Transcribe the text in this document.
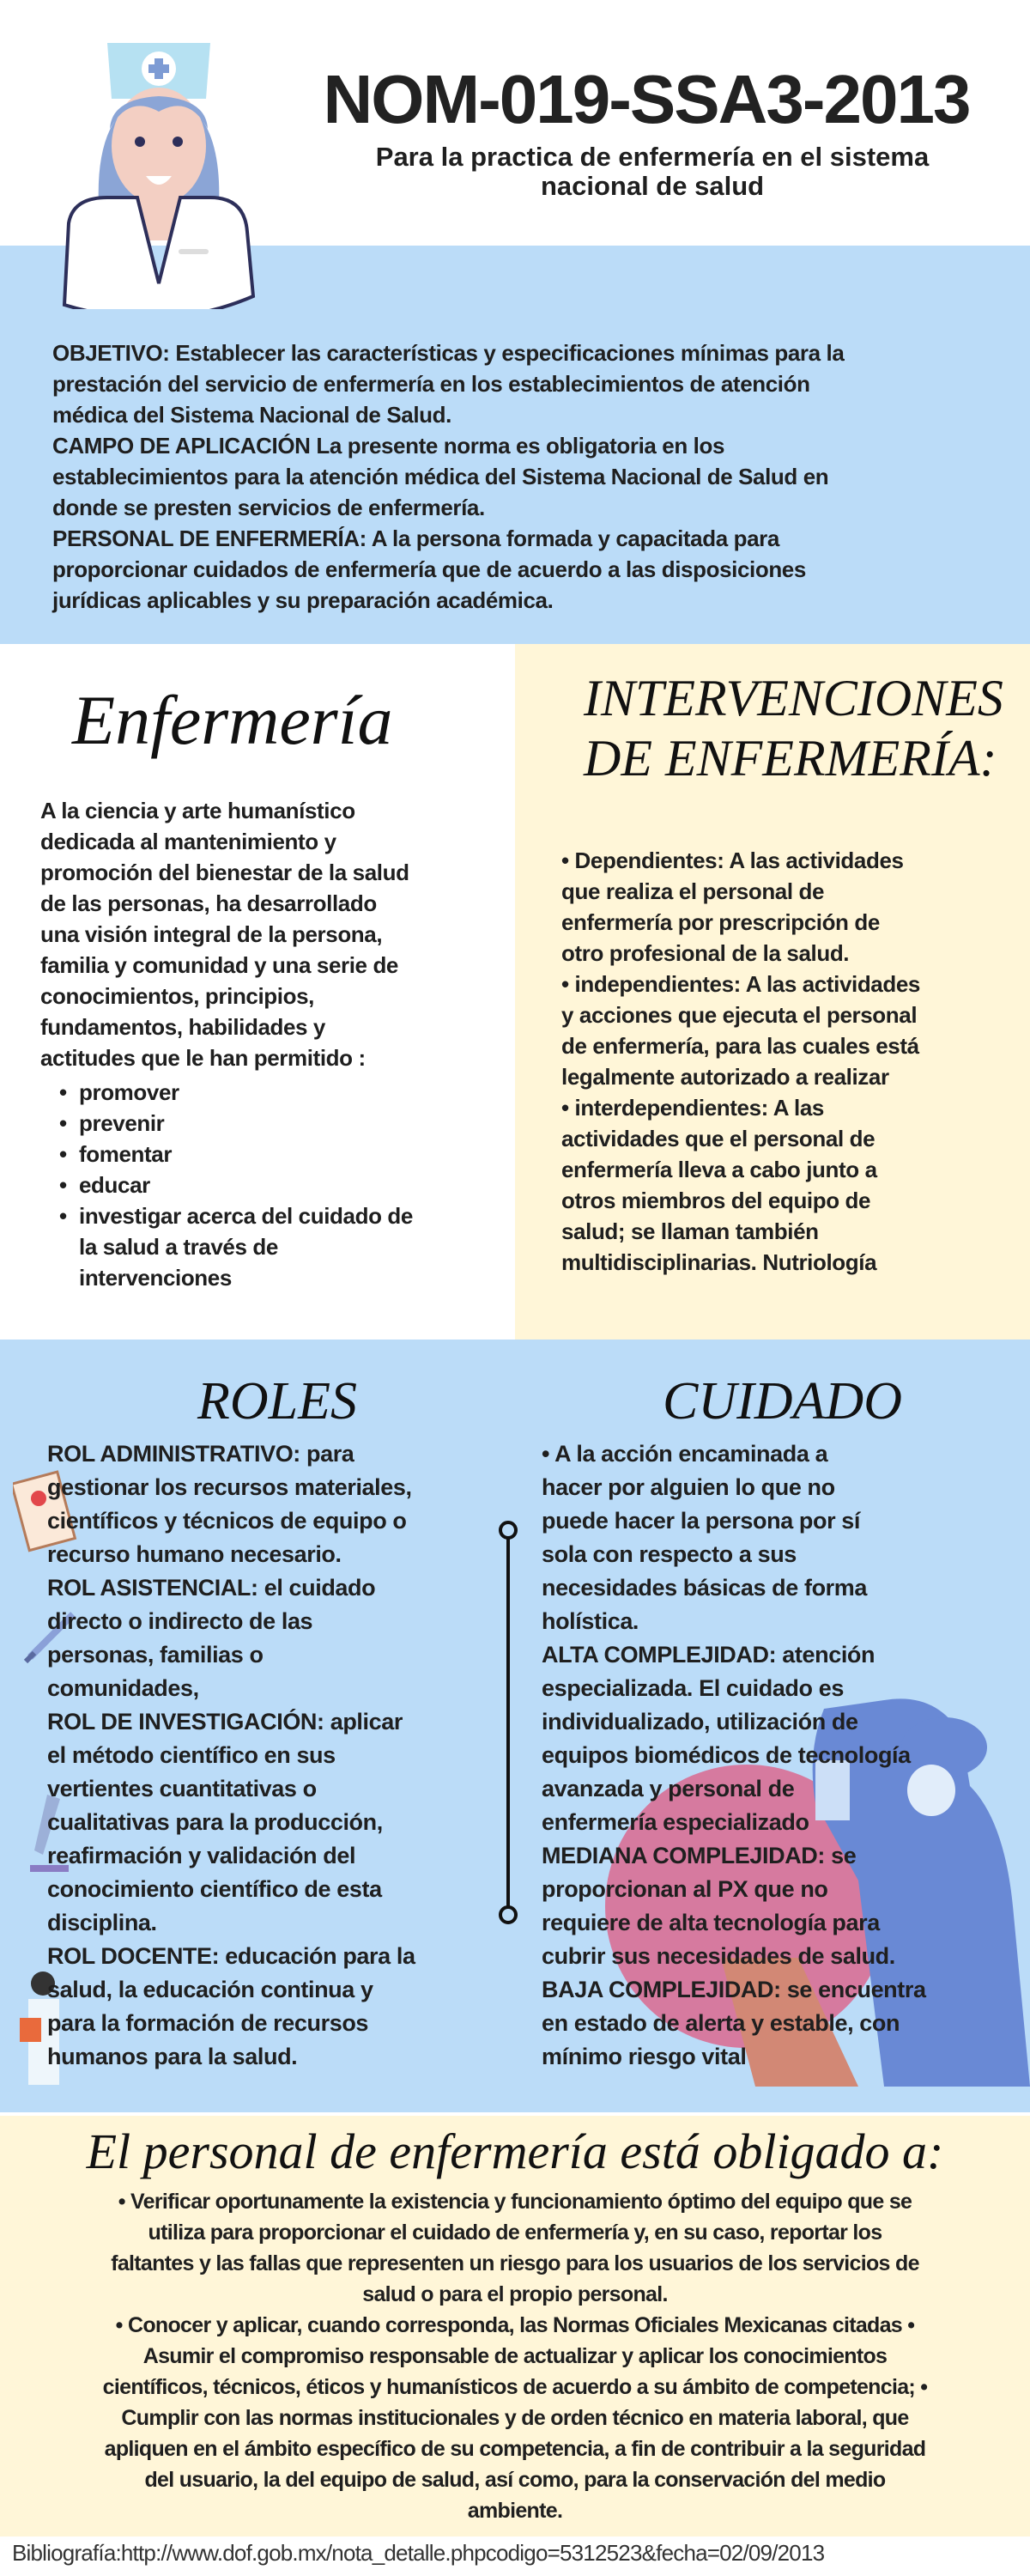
NOM-019-SSA3-2013
Para la practica de enfermería en el sistema
nacional de salud
OBJETIVO: Establecer las características y especificaciones mínimas para la
prestación del servicio de enfermería en los establecimientos de atención
médica del Sistema Nacional de Salud.
CAMPO DE APLICACIÓN La presente norma es obligatoria en los
establecimientos para la atención médica del Sistema Nacional de Salud en
donde se presten servicios de enfermería.
PERSONAL DE ENFERMERÍA: A la persona formada y capacitada para
proporcionar cuidados de enfermería que de acuerdo a las disposiciones
jurídicas aplicables y su preparación académica.
Enfermería
A la ciencia y arte humanístico
dedicada al mantenimiento y
promoción del bienestar de la salud
de las personas, ha desarrollado
una visión integral de la persona,
familia y comunidad y una serie de
conocimientos, principios,
fundamentos, habilidades y
actitudes que le han permitido :
• promover
• prevenir
• fomentar
• educar
• investigar acerca del cuidado de
la salud a través de
intervenciones
INTERVENCIONES
DE ENFERMERÍA:
• Dependientes: A las actividades
que realiza el personal de
enfermería por prescripción de
otro profesional de la salud.
• independientes: A las actividades
y acciones que ejecuta el personal
de enfermería, para las cuales está
legalmente autorizado a realizar
• interdependientes: A las
actividades que el personal de
enfermería lleva a cabo junto a
otros miembros del equipo de
salud; se llaman también
multidisciplinarias. Nutriología
ROLES	CUIDADO
ROL ADMINISTRATIVO: para
gestionar los recursos materiales,
científicos y técnicos de equipo o
recurso humano necesario.
ROL ASISTENCIAL: el cuidado
directo o indirecto de las
personas, familias o
comunidades,
ROL DE INVESTIGACIÓN: aplicar
el método científico en sus
vertientes cuantitativas o
cualitativas para la producción,
reafirmación y validación del
conocimiento científico de esta
disciplina.
ROL DOCENTE: educación para la
salud, la educación continua y
para la formación de recursos
humanos para la salud.
• A la acción encaminada a
hacer por alguien lo que no
puede hacer la persona por sí
sola con respecto a sus
necesidades básicas de forma
holística.
ALTA COMPLEJIDAD: atención
especializada. El cuidado es
individualizado, utilización de
equipos biomédicos de tecnología
avanzada y personal de
enfermería especializado
MEDIANA COMPLEJIDAD: se
proporcionan al PX que no
requiere de alta tecnología para
cubrir sus necesidades de salud.
BAJA COMPLEJIDAD: se encuentra
en estado de alerta y estable, con
mínimo riesgo vital
El personal de enfermería está obligado a:
• Verificar oportunamente la existencia y funcionamiento óptimo del equipo que se
utiliza para proporcionar el cuidado de enfermería y, en su caso, reportar los
faltantes y las fallas que representen un riesgo para los usuarios de los servicios de
salud o para el propio personal.
• Conocer y aplicar, cuando corresponda, las Normas Oficiales Mexicanas citadas •
Asumir el compromiso responsable de actualizar y aplicar los conocimientos
científicos, técnicos, éticos y humanísticos de acuerdo a su ámbito de competencia; •
Cumplir con las normas institucionales y de orden técnico en materia laboral, que
apliquen en el ámbito específico de su competencia, a fin de contribuir a la seguridad
del usuario, la del equipo de salud, así como, para la conservación del medio
ambiente.
Bibliografía:http://www.dof.gob.mx/nota_detalle.phpcodigo=5312523&fecha=02/09/2013
